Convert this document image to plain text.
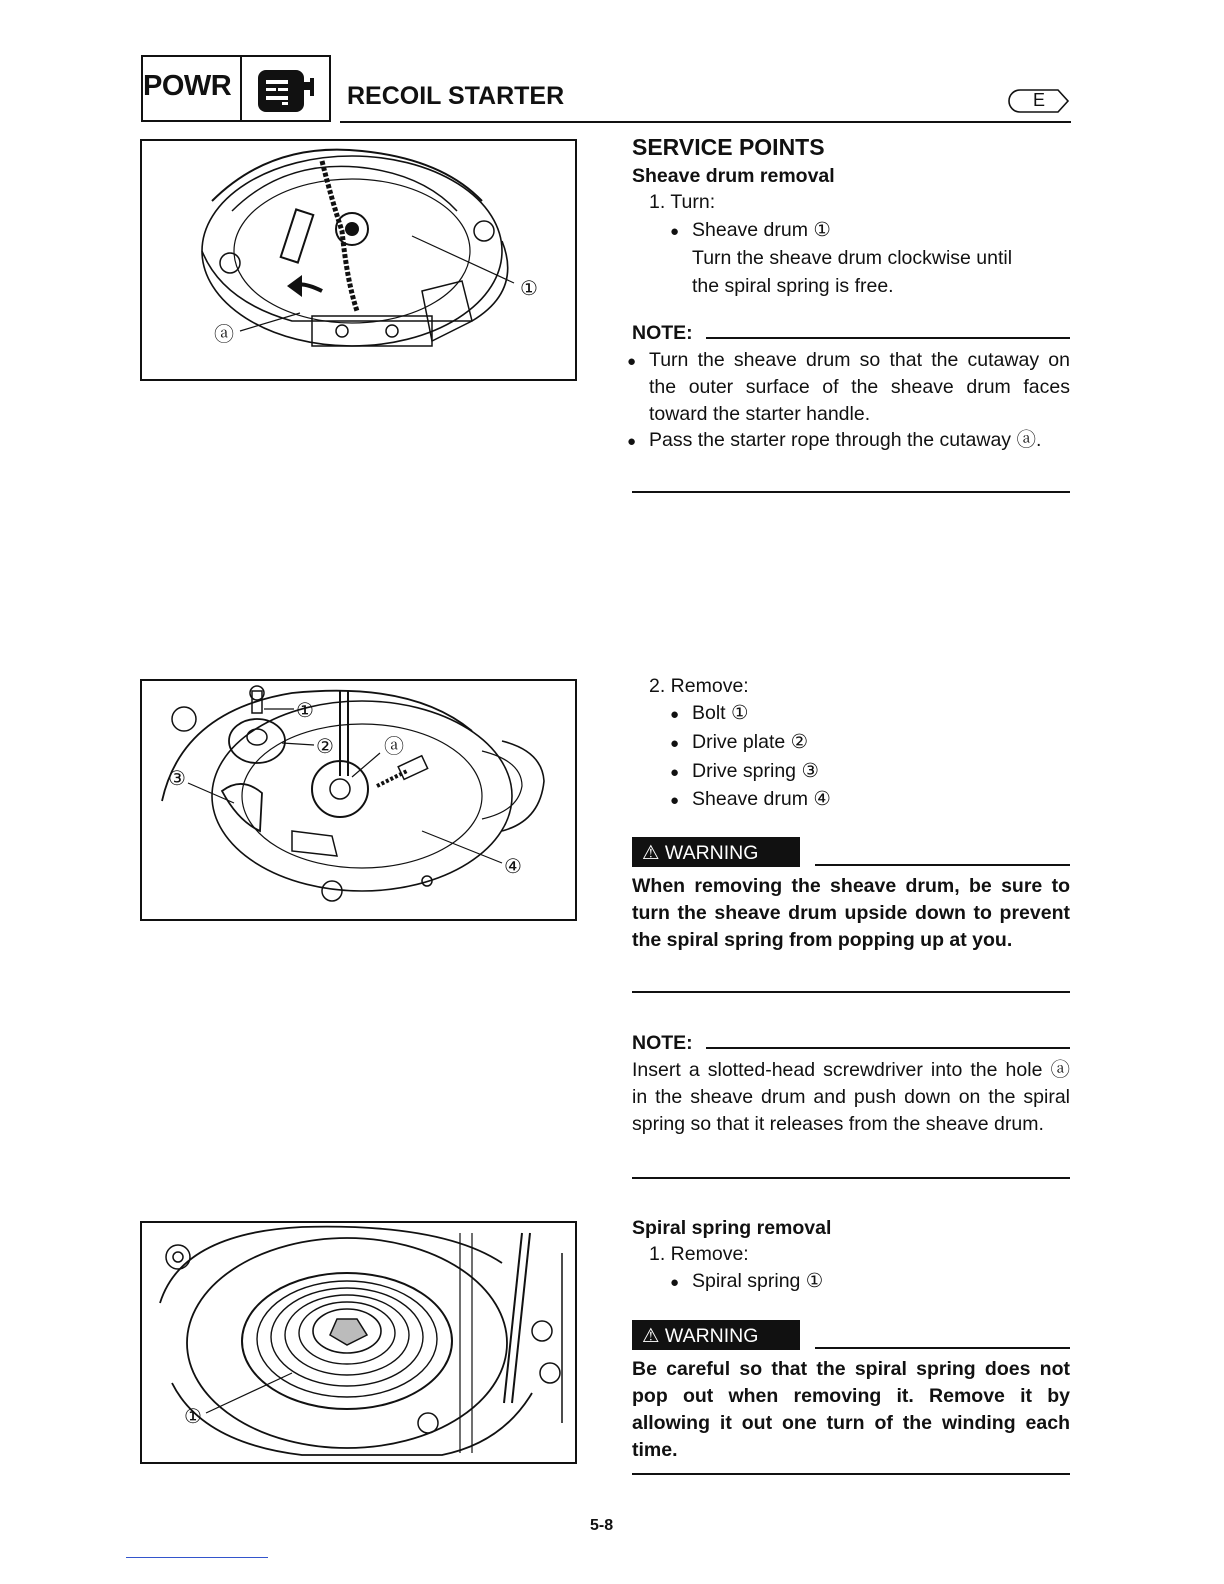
POWR	RECOIL STARTER	E
①
ⓐ
SERVICE POINTS
Sheave drum removal
1. Turn:
● Sheave drum ①
Turn the sheave drum clockwise until
the spiral spring is free.
NOTE:
● Turn the sheave drum so that the cutaway on the outer surface of the sheave drum faces toward the starter handle.
● Pass the starter rope through the cutaway ⓐ.
①
②
③
④
ⓐ
2. Remove:
● Bolt ①
● Drive plate ②
● Drive spring ③
● Sheave drum ④
⚠ WARNING
When removing the sheave drum, be sure to turn the sheave drum upside down to prevent the spiral spring from popping up at you.
NOTE:
Insert a slotted-head screwdriver into the hole ⓐ in the sheave drum and push down on the spiral spring so that it releases from the sheave drum.
①
Spiral spring removal
1. Remove:
● Spiral spring ①
⚠ WARNING
Be careful so that the spiral spring does not pop out when removing it. Remove it by allowing it out one turn of the winding each time.
5-8
